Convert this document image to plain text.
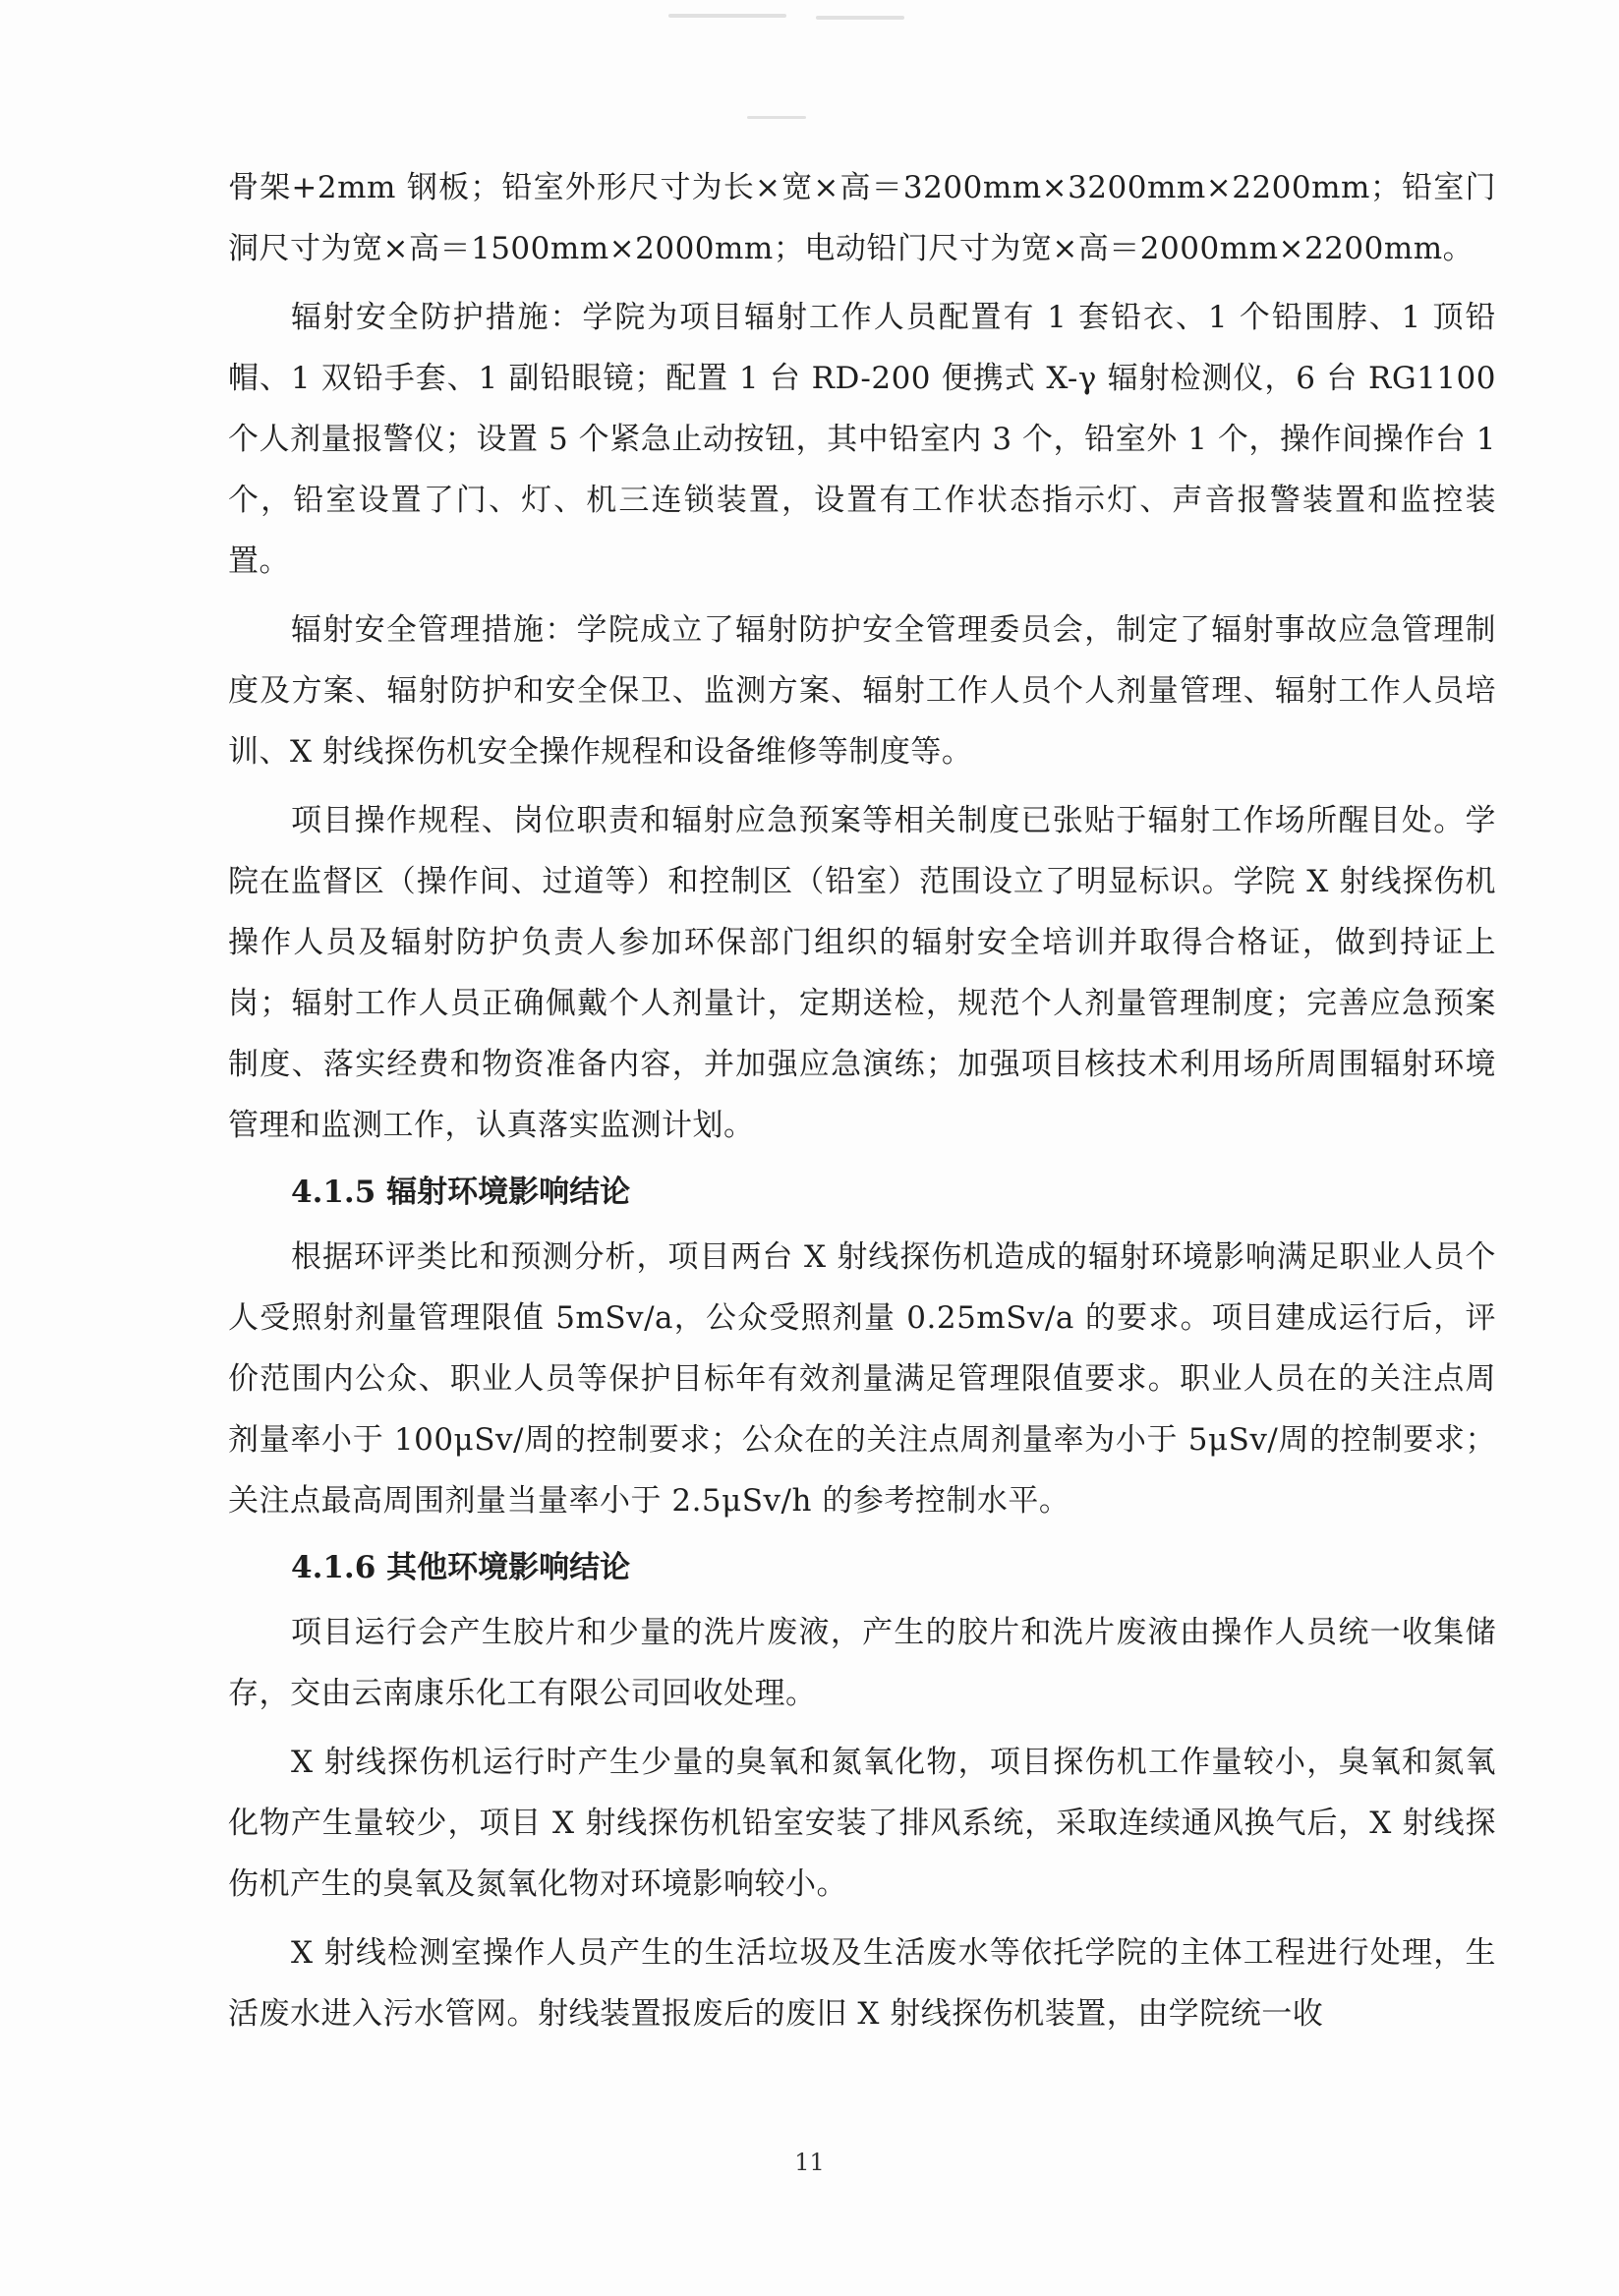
骨架+2mm 钢板；铅室外形尺寸为长×宽×高＝3200mm×3200mm×2200mm；铅室门洞尺寸为宽×高＝1500mm×2000mm；电动铅门尺寸为宽×高＝2000mm×2200mm。

辐射安全防护措施：学院为项目辐射工作人员配置有 1 套铅衣、1 个铅围脖、1 顶铅帽、1 双铅手套、1 副铅眼镜；配置 1 台 RD-200 便携式 X-γ 辐射检测仪，6 台 RG1100 个人剂量报警仪；设置 5 个紧急止动按钮，其中铅室内 3 个，铅室外 1 个，操作间操作台 1 个，铅室设置了门、灯、机三连锁装置，设置有工作状态指示灯、声音报警装置和监控装置。

辐射安全管理措施：学院成立了辐射防护安全管理委员会，制定了辐射事故应急管理制度及方案、辐射防护和安全保卫、监测方案、辐射工作人员个人剂量管理、辐射工作人员培训、X 射线探伤机安全操作规程和设备维修等制度等。

项目操作规程、岗位职责和辐射应急预案等相关制度已张贴于辐射工作场所醒目处。学院在监督区（操作间、过道等）和控制区（铅室）范围设立了明显标识。学院 X 射线探伤机操作人员及辐射防护负责人参加环保部门组织的辐射安全培训并取得合格证，做到持证上岗；辐射工作人员正确佩戴个人剂量计，定期送检，规范个人剂量管理制度；完善应急预案制度、落实经费和物资准备内容，并加强应急演练；加强项目核技术利用场所周围辐射环境管理和监测工作，认真落实监测计划。

4.1.5 辐射环境影响结论

根据环评类比和预测分析，项目两台 X 射线探伤机造成的辐射环境影响满足职业人员个人受照射剂量管理限值 5mSv/a，公众受照剂量 0.25mSv/a 的要求。项目建成运行后，评价范围内公众、职业人员等保护目标年有效剂量满足管理限值要求。职业人员在的关注点周剂量率小于 100μSv/周的控制要求；公众在的关注点周剂量率为小于 5μSv/周的控制要求；关注点最高周围剂量当量率小于 2.5μSv/h 的参考控制水平。

4.1.6 其他环境影响结论

项目运行会产生胶片和少量的洗片废液，产生的胶片和洗片废液由操作人员统一收集储存，交由云南康乐化工有限公司回收处理。

X 射线探伤机运行时产生少量的臭氧和氮氧化物，项目探伤机工作量较小，臭氧和氮氧化物产生量较少，项目 X 射线探伤机铅室安装了排风系统，采取连续通风换气后，X 射线探伤机产生的臭氧及氮氧化物对环境影响较小。

X 射线检测室操作人员产生的生活垃圾及生活废水等依托学院的主体工程进行处理，生活废水进入污水管网。射线装置报废后的废旧 X 射线探伤机装置，由学院统一收

11
